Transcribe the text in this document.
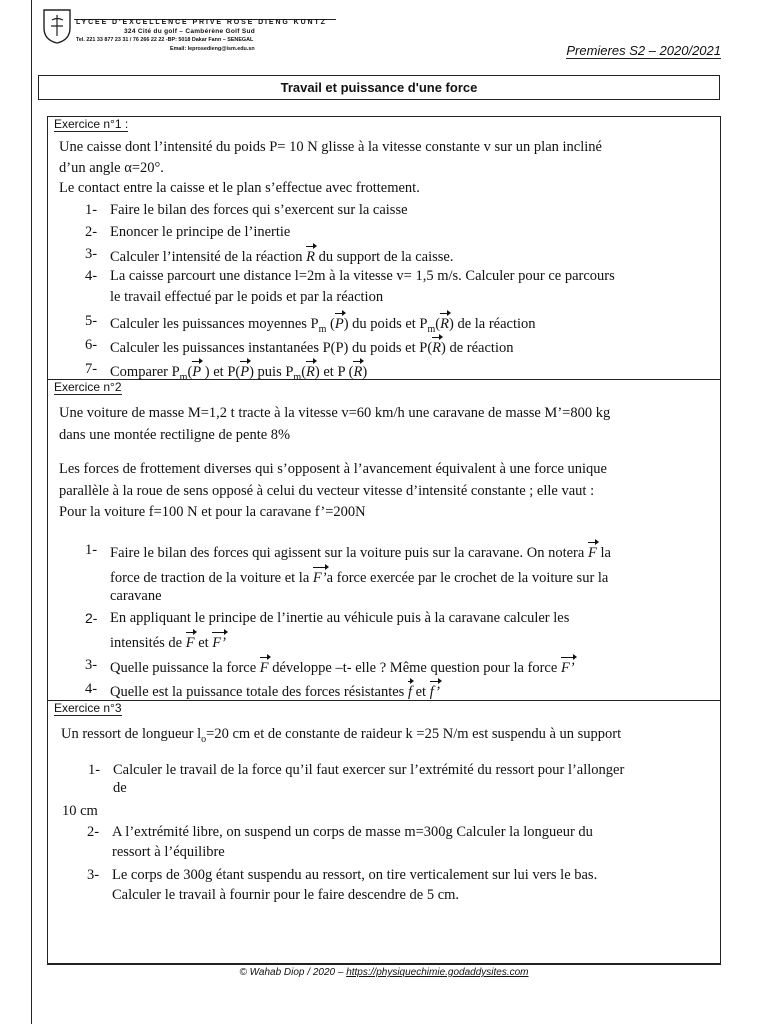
LYCEE D'EXCELLENCE PRIVE ROSE DIENG KUNTZ
324 Cité du golf – Cambérène Golf Sud
Tel. 221 33 877 23 31 / 76 266 22 22 -BP: 5018 Dakar Fann – SENEGAL
Email: leprosedieng@ism.edu.sn	Premieres S2 – 2020/2021
Travail et puissance d'une force
Exercice n°1 :
Une caisse dont l’intensité du poids P= 10 N glisse à la vitesse constante v sur un plan incliné
d’un angle α=20°.
Le contact entre la caisse et le plan s’effectue avec frottement.
1- Faire le bilan des forces qui s’exercent sur la caisse
2- Enoncer le principe de l’inertie
3- Calculer l’intensité de la réaction R du support de la caisse.
4- La caisse parcourt une distance l=2m à la vitesse v= 1,5 m/s. Calculer pour ce parcours
le travail effectué par le poids et par la réaction
5- Calculer les puissances moyennes $P_m$ (P) du poids et $P_m(R)$ de la réaction
6- Calculer les puissances instantanées P(P) du poids et P(R) de réaction
7- Comparer $P_m(P$ ) et P(P) puis $P_m(R)$ et P (R)
Exercice n°2
Une voiture de masse M=1,2 t tracte à la vitesse v=60 km/h une caravane de masse M’=800 kg
dans une montée rectiligne de pente 8%
Les forces de frottement diverses qui s’opposent à l’avancement équivalent à une force unique
parallèle à la roue de sens opposé à celui du vecteur vitesse d’intensité constante ; elle vaut :
Pour la voiture f=100 N et pour la caravane f’=200N
1- Faire le bilan des forces qui agissent sur la voiture puis sur la caravane. On notera F la
force de traction de la voiture et la F’a force exercée par le crochet de la voiture sur la
caravane
2- En appliquant le principe de l’inertie au véhicule puis à la caravane calculer les
intensités de F et F’
3- Quelle puissance la force F développe –t- elle ? Même question pour la force F’
4- Quelle est la puissance totale des forces résistantes f et f’
Exercice n°3
Un ressort de longueur $l_o=20$ cm et de constante de raideur k =25 N/m est suspendu à un support
1- Calculer le travail de la force qu’il faut exercer sur l’extrémité du ressort pour l’allonger
de
10 cm
2- A l’extrémité libre, on suspend un corps de masse m=300g Calculer la longueur du
ressort à l’équilibre
3- Le corps de 300g étant suspendu au ressort, on tire verticalement sur lui vers le bas.
Calculer le travail à fournir pour le faire descendre de 5 cm.
© Wahab Diop / 2020 – https://physiquechimie.godaddysites.com
